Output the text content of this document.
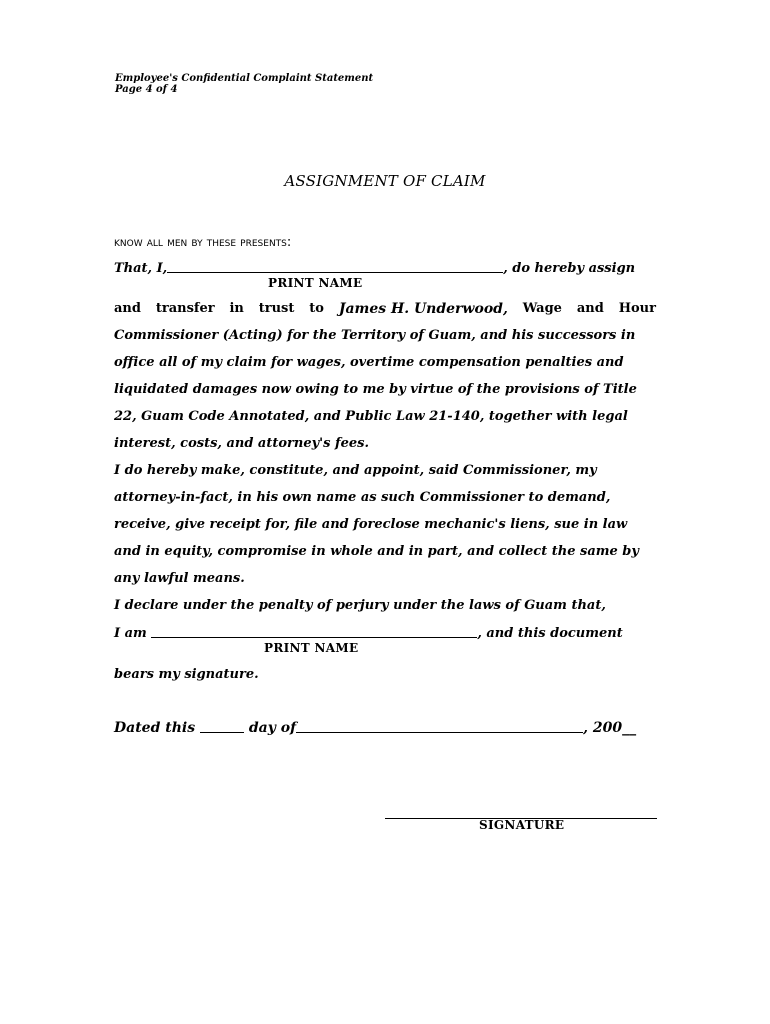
Employee's Confidential Complaint Statement
Page 4 of 4
ASSIGNMENT OF CLAIM
know all men by these presents:
That, I,	, do hereby assign
PRINT NAME
and transfer in trust to James H. Underwood, Wage and Hour
Commissioner (Acting) for the Territory of Guam, and his successors in
office all of my claim for wages, overtime compensation penalties and
liquidated damages now owing to me by virtue of the provisions of Title
22, Guam Code Annotated, and Public Law 21-140, together with legal
interest, costs, and attorney's fees.
I do hereby make, constitute, and appoint, said Commissioner, my
attorney-in-fact, in his own name as such Commissioner to demand,
receive, give receipt for, file and foreclose mechanic's liens, sue in law
and in equity, compromise in whole and in part, and collect the same by
any lawful means.
I declare under the penalty of perjury under the laws of Guam that,
I am	, and this document
PRINT NAME
bears my signature.
Dated this	day of	, 200__
SIGNATURE
